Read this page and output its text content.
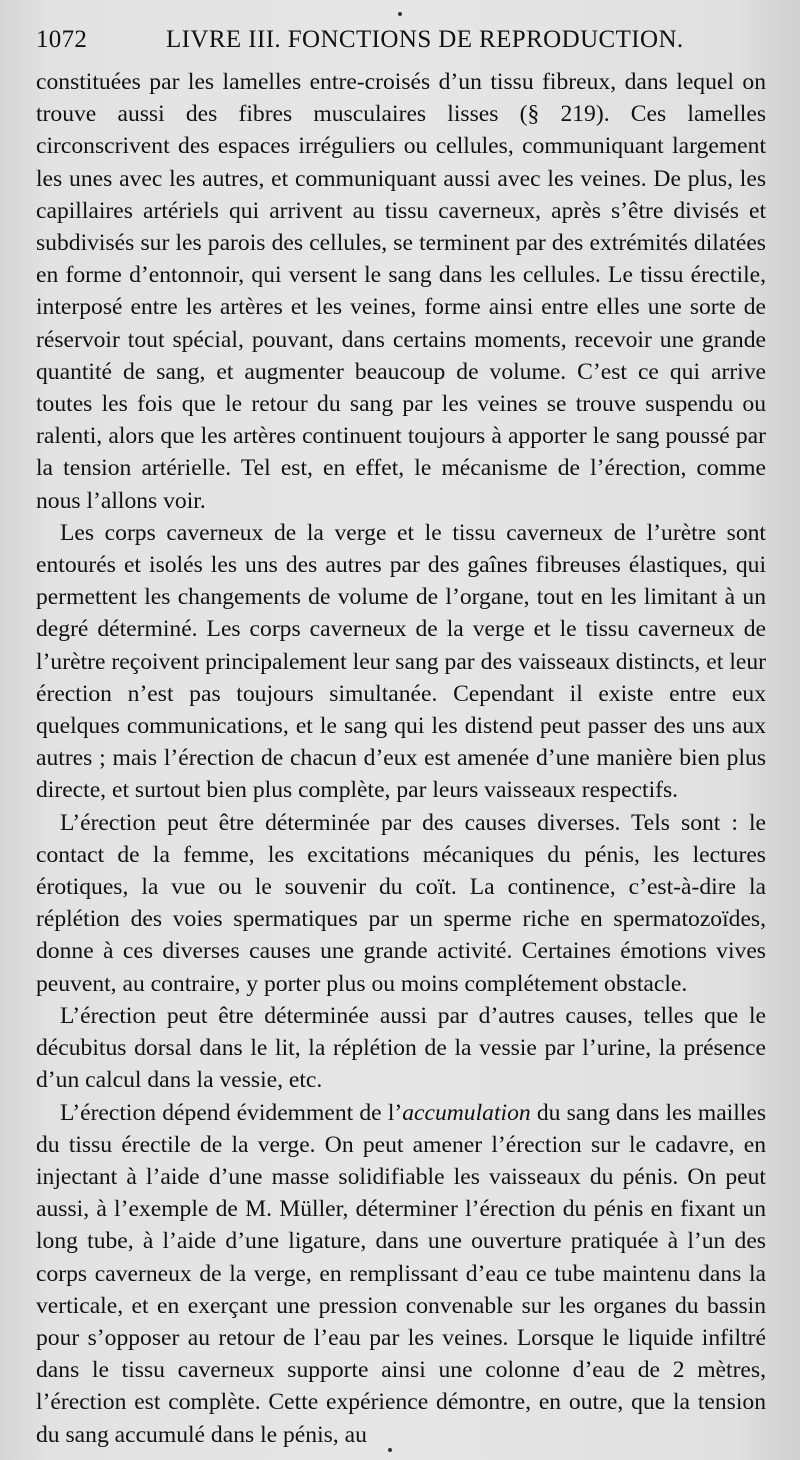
1072	LIVRE III. FONCTIONS DE REPRODUCTION.

constituées par les lamelles entre-croisés d’un tissu fibreux, dans lequel on trouve aussi des fibres musculaires lisses (§ 219). Ces lamelles circonscrivent des espaces irréguliers ou cellules, communiquant largement les unes avec les autres, et communiquant aussi avec les veines. De plus, les capillaires artériels qui arrivent au tissu caverneux, après s’être divisés et subdivisés sur les parois des cellules, se terminent par des extrémités dilatées en forme d’entonnoir, qui versent le sang dans les cellules. Le tissu érectile, interposé entre les artères et les veines, forme ainsi entre elles une sorte de réservoir tout spécial, pouvant, dans certains moments, recevoir une grande quantité de sang, et augmenter beaucoup de volume. C’est ce qui arrive toutes les fois que le retour du sang par les veines se trouve suspendu ou ralenti, alors que les artères continuent toujours à apporter le sang poussé par la tension artérielle. Tel est, en effet, le mécanisme de l’érection, comme nous l’allons voir.

Les corps caverneux de la verge et le tissu caverneux de l’urètre sont entourés et isolés les uns des autres par des gaînes fibreuses élastiques, qui permettent les changements de volume de l’organe, tout en les limitant à un degré déterminé. Les corps caverneux de la verge et le tissu caverneux de l’urètre reçoivent principalement leur sang par des vaisseaux distincts, et leur érection n’est pas toujours simultanée. Cependant il existe entre eux quelques communications, et le sang qui les distend peut passer des uns aux autres ; mais l’érection de chacun d’eux est amenée d’une manière bien plus directe, et surtout bien plus complète, par leurs vaisseaux respectifs.

L’érection peut être déterminée par des causes diverses. Tels sont : le contact de la femme, les excitations mécaniques du pénis, les lectures érotiques, la vue ou le souvenir du coït. La continence, c’est-à-dire la réplétion des voies spermatiques par un sperme riche en spermatozoïdes, donne à ces diverses causes une grande activité. Certaines émotions vives peuvent, au contraire, y porter plus ou moins complétement obstacle.

L’érection peut être déterminée aussi par d’autres causes, telles que le décubitus dorsal dans le lit, la réplétion de la vessie par l’urine, la présence d’un calcul dans la vessie, etc.

L’érection dépend évidemment de l’accumulation du sang dans les mailles du tissu érectile de la verge. On peut amener l’érection sur le cadavre, en injectant à l’aide d’une masse solidifiable les vaisseaux du pénis. On peut aussi, à l’exemple de M. Müller, déterminer l’érection du pénis en fixant un long tube, à l’aide d’une ligature, dans une ouverture pratiquée à l’un des corps caverneux de la verge, en remplissant d’eau ce tube maintenu dans la verticale, et en exerçant une pression convenable sur les organes du bassin pour s’opposer au retour de l’eau par les veines. Lorsque le liquide infiltré dans le tissu caverneux supporte ainsi une colonne d’eau de 2 mètres, l’érection est complète. Cette expérience démontre, en outre, que la tension du sang accumulé dans le pénis, au
